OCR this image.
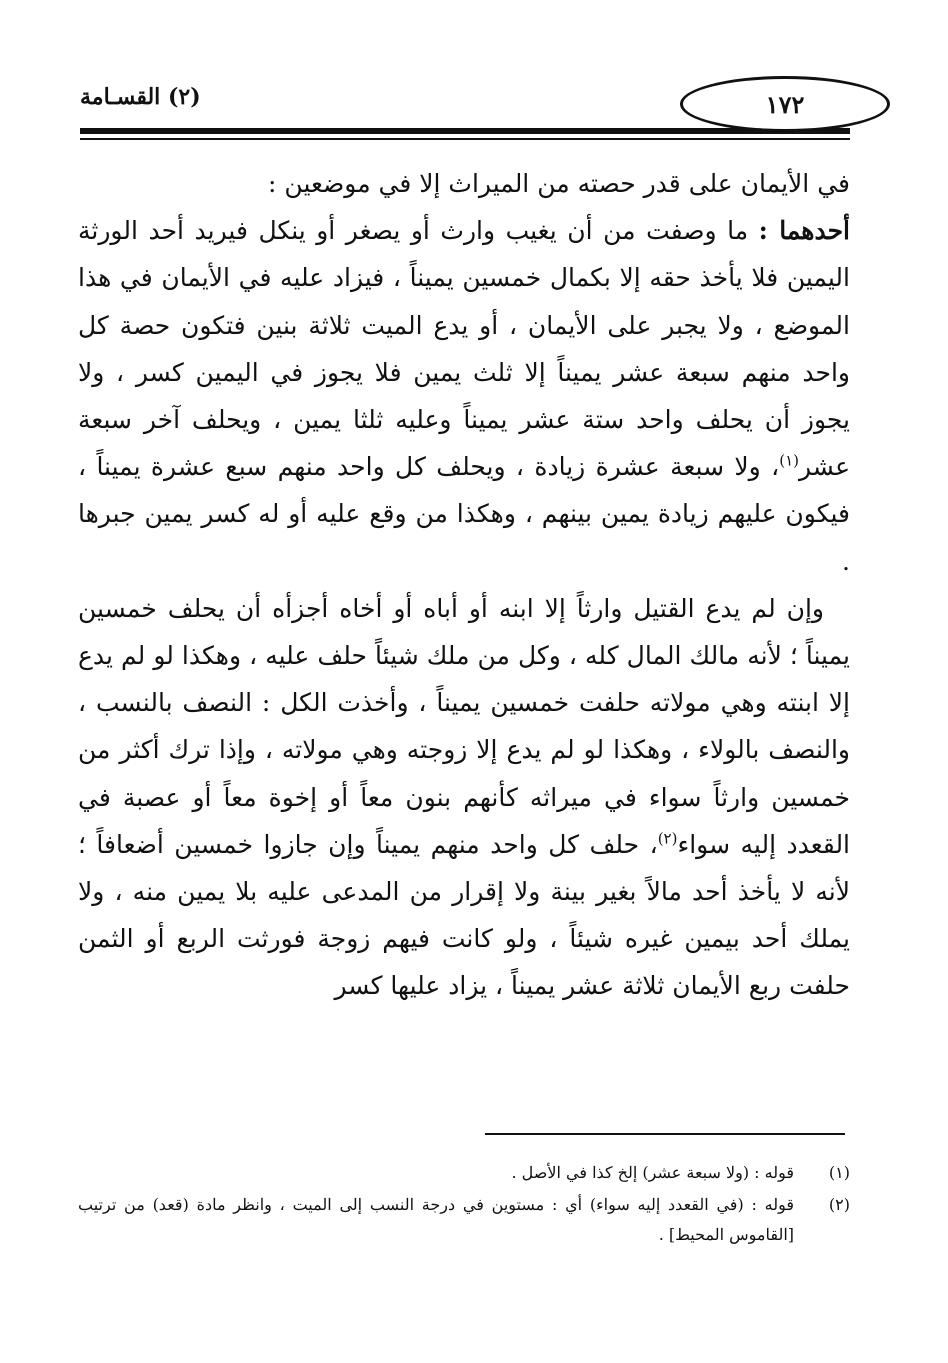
(٢) القسـامة	١٧٢

في الأيمان على قدر حصته من الميراث إلا في موضعين :

أحدهما : ما وصفت من أن يغيب وارث أو يصغر أو ينكل فيريد أحد الورثة اليمين فلا يأخذ حقه إلا بكمال خمسين يميناً ، فيزاد عليه في الأيمان في هذا الموضع ، ولا يجبر على الأيمان ، أو يدع الميت ثلاثة بنين فتكون حصة كل واحد منهم سبعة عشر يميناً إلا ثلث يمين فلا يجوز في اليمين كسر ، ولا يجوز أن يحلف واحد ستة عشر يميناً وعليه ثلثا يمين ، ويحلف آخر سبعة عشر$^{(١)}$، ولا سبعة عشرة زيادة ، ويحلف كل واحد منهم سبع عشرة يميناً ، فيكون عليهم زيادة يمين بينهم ، وهكذا من وقع عليه أو له كسر يمين جبرها .

وإن لم يدع القتيل وارثاً إلا ابنه أو أباه أو أخاه أجزأه أن يحلف خمسين يميناً ؛ لأنه مالك المال كله ، وكل من ملك شيئاً حلف عليه ، وهكذا لو لم يدع إلا ابنته وهي مولاته حلفت خمسين يميناً ، وأخذت الكل : النصف بالنسب ، والنصف بالولاء ، وهكذا لو لم يدع إلا زوجته وهي مولاته ، وإذا ترك أكثر من خمسين وارثاً سواء في ميراثه كأنهم بنون معاً أو إخوة معاً أو عصبة في القعدد إليه سواء$^{(٢)}$، حلف كل واحد منهم يميناً وإن جازوا خمسين أضعافاً ؛ لأنه لا يأخذ أحد مالاً بغير بينة ولا إقرار من المدعى عليه بلا يمين منه ، ولا يملك أحد بيمين غيره شيئاً ، ولو كانت فيهم زوجة فورثت الربع أو الثمن حلفت ربع الأيمان ثلاثة عشر يميناً ، يزاد عليها كسر

(١)
قوله : (ولا سبعة عشر) إلخ كذا في الأصل .
(٢)
قوله : (في القعدد إليه سواء) أي : مستوين في درجة النسب إلى الميت ، وانظر مادة (قعد) من ترتيب [القاموس المحيط] .
